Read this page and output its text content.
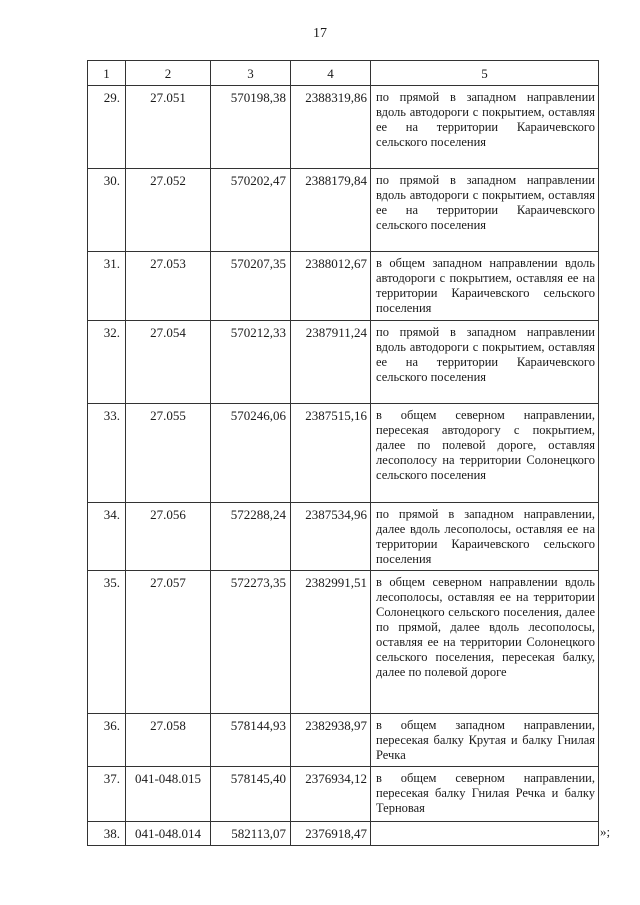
17
1	2	3	4	5
29.	27.051	570198,38	2388319,86	по прямой в западном направлении вдоль автодороги с покрытием, оставляя ее на территории Караичевского сельского поселения
30.	27.052	570202,47	2388179,84	по прямой в западном направлении вдоль автодороги с покрытием, оставляя ее на территории Караичевского сельского поселения
31.	27.053	570207,35	2388012,67	в общем западном направлении вдоль автодороги с покрытием, оставляя ее на территории Караичевского сельского поселения
32.	27.054	570212,33	2387911,24	по прямой в западном направлении вдоль автодороги с покрытием, оставляя ее на территории Караичевского сельского поселения
33.	27.055	570246,06	2387515,16	в общем северном направлении, пересекая автодорогу с покрытием, далее по полевой дороге, оставляя лесополосу на территории Солонецкого сельского поселения
34.	27.056	572288,24	2387534,96	по прямой в западном направлении, далее вдоль лесополосы, оставляя ее на территории Караичевского сельского поселения
35.	27.057	572273,35	2382991,51	в общем северном направлении вдоль лесополосы, оставляя ее на территории Солонецкого сельского поселения, далее по прямой, далее вдоль лесополосы, оставляя ее на территории Солонецкого сельского поселения, пересекая балку, далее по полевой дороге
36.	27.058	578144,93	2382938,97	в общем западном направлении, пересекая балку Крутая и балку Гнилая Речка
37.	041-048.015	578145,40	2376934,12	в общем северном направлении, пересекая балку Гнилая Речка и балку Терновая
38.	041-048.014	582113,07	2376918,47		»;
